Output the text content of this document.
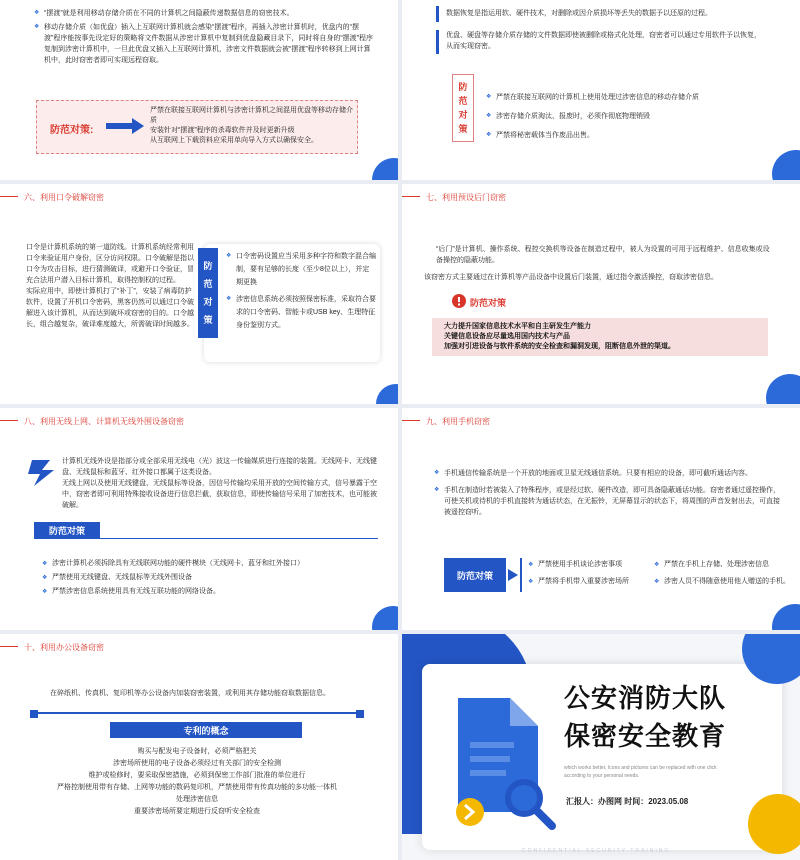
❖ “摆渡”就是利用移动存储介质在不同的计算机之间隐蔽传递数据信息的窃密技术。
❖ 移动存储介质（如优盘）插入上互联网计算机就会感染“摆渡”程序，再插入涉密计算机时，优盘内的“摆渡”程序能按事先设定好的策略将文件数据从涉密计算机中复制到优盘隐藏目录下，同时将自身的“摆渡”程序复制到涉密计算机中，一旦此优盘又插入上互联网计算机，涉密文件数据就会被“摆渡”程序转移到上网计算机中，此时窃密者即可实现远程窃取。
防范对策:
严禁在联接互联网计算机与涉密计算机之间混用优盘等移动存储介质
安装针对“摆渡”程序的杀毒软件并及时更新升级
从互联网上下载资料应采用单向导入方式以确保安全。
数据恢复是指运用软、硬件技术，对删除或因介质损坏等丢失的数据予以还原的过程。
优盘、硬盘等存储介质存储的文件数据即使被删除或格式化处理，窃密者可以通过专用软件予以恢复，从而实现窃密。
防
范
对
策
❖ 严禁在联接互联网的计算机上使用处理过涉密信息的移动存储介质
❖ 涉密存储介质淘汰、报废时，必须作彻底物理销毁
❖ 严禁将秘密载体当作废品出售。
六、利用口令破解窃密
口令是计算机系统的第一道防线。计算机系统经常利用口令来验证用户身份，区分访问权限。口令破解是指以口令为攻击目标，进行猜测破译，或避开口令验证，冒充合法用户潜入目标计算机，取得控制权的过程。
实际应用中，即使计算机打了“补丁”，安装了病毒防护软件，设置了开机口令密码，黑客仍然可以通过口令破解进入该计算机，从而达到破坏或窃密的目的。口令越长，组合越复杂，破译难度越大，所需破译时间越多。
防
范
对
策
❖ 口令密码设置应当采用多种字符和数字混合编制，要有足够的长度（至少8位以上），并定期更换
❖ 涉密信息系统必须按照保密标准，采取符合要求的口令密码、智能卡或USB key、生理特征身份鉴别方式。
七、利用预设后门窃密
“后门”是计算机、操作系统、程控交换机等设备在制造过程中，被人为设置的可用于远程维护、信息收集或设备操控的隐蔽功能。
该窃密方式主要通过在计算机等产品设备中设置后门装置，通过指令激活操控，窃取涉密信息。
防范对策
大力提升国家信息技术水平和自主研发生产能力
关键信息设备应尽量选用国内技术与产品
加强对引进设备与软件系统的安全检查和漏洞发现，阻断信息外泄的渠道。
八、利用无线上网、计算机无线外围设备窃密
计算机无线外设是指部分或全部采用无线电（光）波这一传输媒质进行连接的装置。无线网卡、无线键盘、无线鼠标和蓝牙、红外接口都属于这类设备。
无线上网以及使用无线键盘、无线鼠标等设备，因信号传输均采用开放的空间传输方式，信号暴露于空中，窃密者即可利用特殊接收设备进行信息拦截，获取信息，即使传输信号采用了加密技术，也可能被破解。
防范对策
❖ 涉密计算机必须拆除具有无线联网功能的硬件模块（无线网卡、蓝牙和红外接口）
❖ 严禁使用无线键盘、无线鼠标等无线外围设备
❖ 严禁涉密信息系统使用具有无线互联功能的网络设备。
九、利用手机窃密
❖ 手机通信传输系统是一个开放的地面或卫星无线通信系统。只要有相应的设备，即可截听通话内容。
❖ 手机在制造时若被装入了特殊程序，或是经过软、硬件改造，即可具备隐蔽通话功能。窃密者通过遥控操作，可使关机或待机的手机直接转为通话状态，在无振铃，无屏幕显示的状态下，将周围的声音发射出去，可直接被遥控窃听。
防范对策
❖ 严禁使用手机谈论涉密事项
❖ 严禁将手机带入重要涉密场所
❖ 严禁在手机上存储、处理涉密信息
❖ 涉密人员不得随意使用他人赠送的手机。
十、利用办公设备窃密
在碎纸机、传真机、复印机等办公设备内加装窃密装置，或利用其存储功能窃取数据信息。
专利的概念
购买与配发电子设备时，必须严格把关
涉密场所使用的电子设备必须经过有关部门的安全检测
维护或检修时，要采取保密措施，必须到保密工作部门批准的单位进行
严格控制使用带有存储、上网等功能的数码复印机，严禁使用带有传真功能的多功能一体机
处理涉密信息
重要涉密场所要定期进行反窃听安全检查
公安消防大队
保密安全教育
which works better, Icons and pictures can be replaced with one click
according to your personal needs.
汇报人：办图网 时间：2023.05.08
CONFIDENTIAL SECURITY TRAINING
